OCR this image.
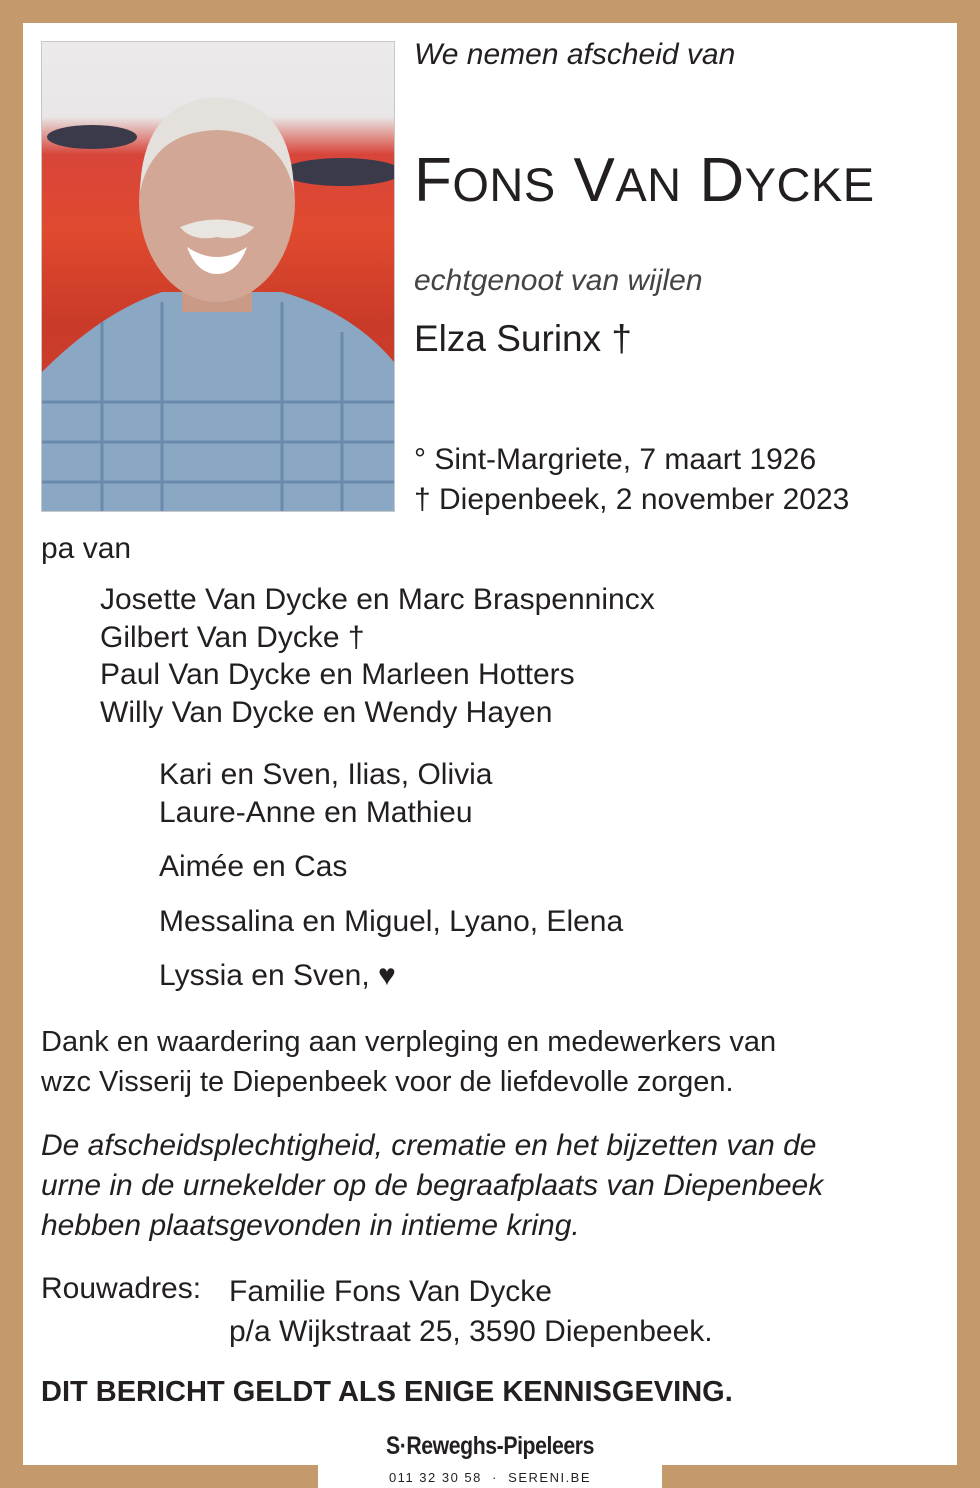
We nemen afscheid van
FONS VAN DYCKE
echtgenoot van wijlen
Elza Surinx †
° Sint-Margriete, 7 maart 1926
† Diepenbeek, 2 november 2023
pa van
Josette Van Dycke en Marc Braspennincx
Gilbert Van Dycke †
Paul Van Dycke en Marleen Hotters
Willy Van Dycke en Wendy Hayen
Kari en Sven, Ilias, Olivia
Laure-Anne en Mathieu
Aimée en Cas
Messalina en Miguel, Lyano, Elena
Lyssia en Sven, ♥
Dank en waardering aan verpleging en medewerkers van
wzc Visserij te Diepenbeek voor de liefdevolle zorgen.
De afscheidsplechtigheid, crematie en het bijzetten van de
urne in de urnekelder op de begraafplaats van Diepenbeek
hebben plaatsgevonden in intieme kring.
Rouwadres: Familie Fons Van Dycke
p/a Wijkstraat 25, 3590 Diepenbeek.
DIT BERICHT GELDT ALS ENIGE KENNISGEVING.
S·Reweghs-Pipeleers
011 32 30 58  ·  SERENI.BE
